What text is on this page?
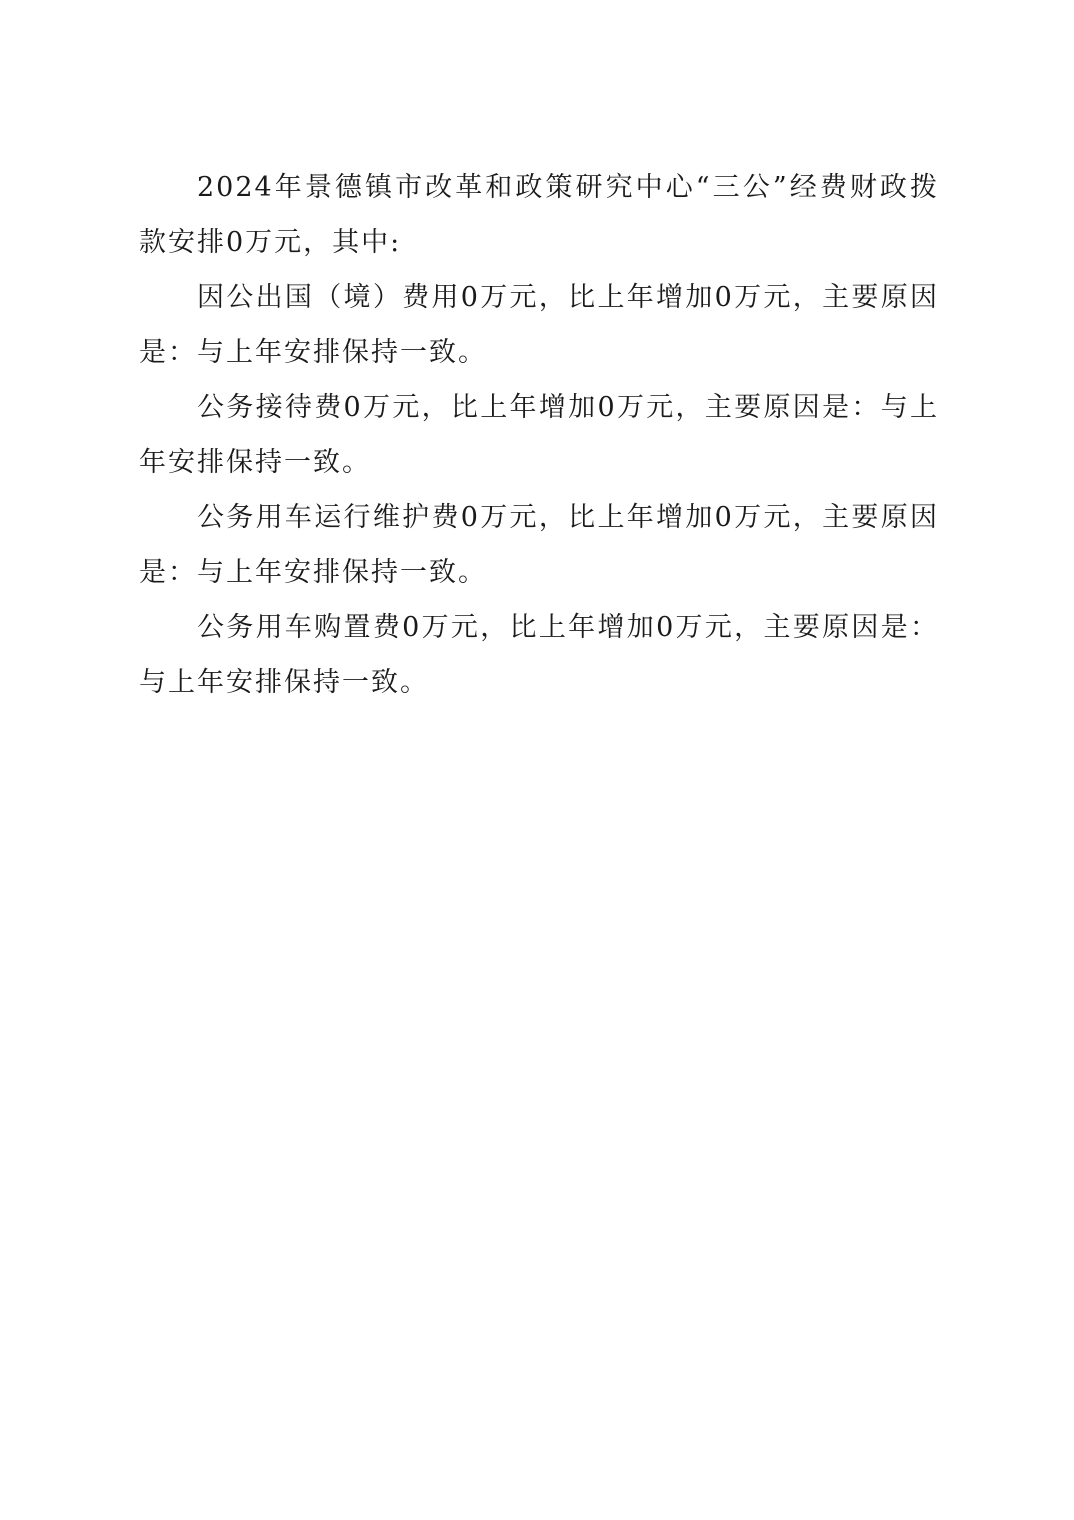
2024年景德镇市改革和政策研究中心“三公”经费财政拨款安排0万元，其中:

因公出国（境）费用0万元，比上年增加0万元，主要原因是：与上年安排保持一致。

公务接待费0万元，比上年增加0万元，主要原因是：与上年安排保持一致。

公务用车运行维护费0万元，比上年增加0万元，主要原因是：与上年安排保持一致。

公务用车购置费0万元，比上年增加0万元，主要原因是：与上年安排保持一致。
